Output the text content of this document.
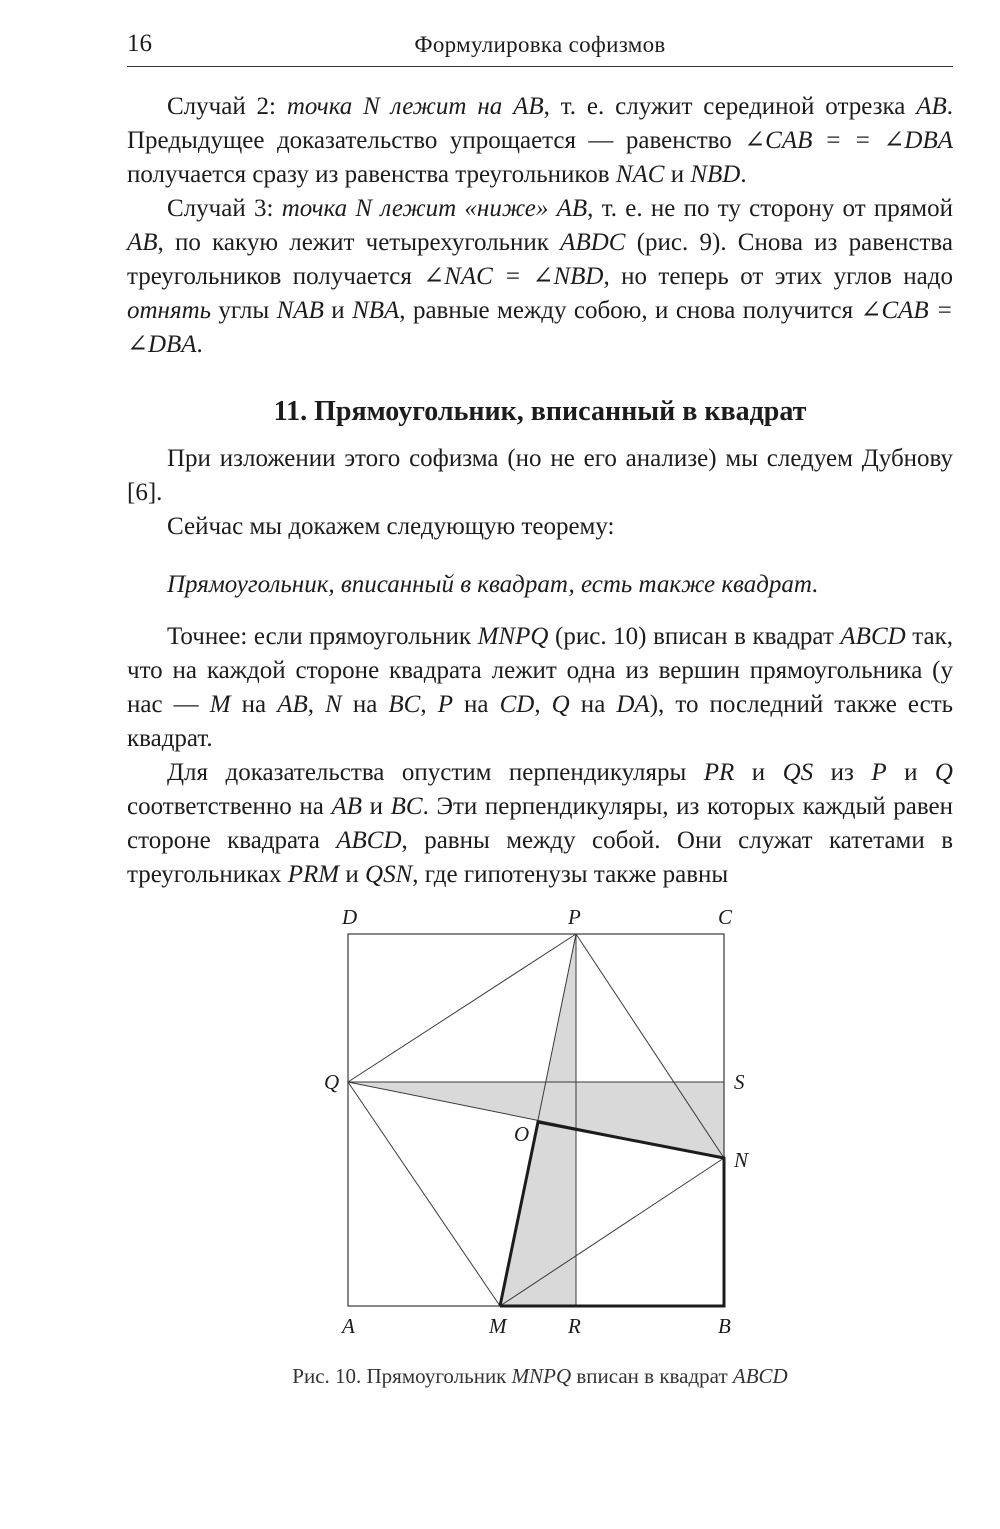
16	Формулировка софизмов

Случай 2: точка N лежит на AB, т. е. служит серединой отрезка AB. Предыдущее доказательство упрощается — равенство ∠CAB = = ∠DBA получается сразу из равенства треугольников NAC и NBD.

Случай 3: точка N лежит «ниже» AB, т. е. не по ту сторону от прямой AB, по какую лежит четырехугольник ABDC (рис. 9). Снова из равенства треугольников получается ∠NAC = ∠NBD, но теперь от этих углов надо отнять углы NAB и NBA, равные между собою, и снова получится ∠CAB = ∠DBA.

11. Прямоугольник, вписанный в квадрат

При изложении этого софизма (но не его анализе) мы следуем Дубнову [6].

Сейчас мы докажем следующую теорему:

Прямоугольник, вписанный в квадрат, есть также квадрат.

Точнее: если прямоугольник MNPQ (рис. 10) вписан в квадрат ABCD так, что на каждой стороне квадрата лежит одна из вершин прямоугольника (у нас — M на AB, N на BC, P на CD, Q на DA), то последний также есть квадрат.

Для доказательства опустим перпендикуляры PR и QS из P и Q соответственно на AB и BC. Эти перпендикуляры, из которых каждый равен стороне квадрата ABCD, равны между собой. Они служат катетами в треугольниках PRM и QSN, где гипотенузы также равны

D	P	C
Q	S
O
N
A	M	R	B
Рис. 10. Прямоугольник MNPQ вписан в квадрат ABCD
